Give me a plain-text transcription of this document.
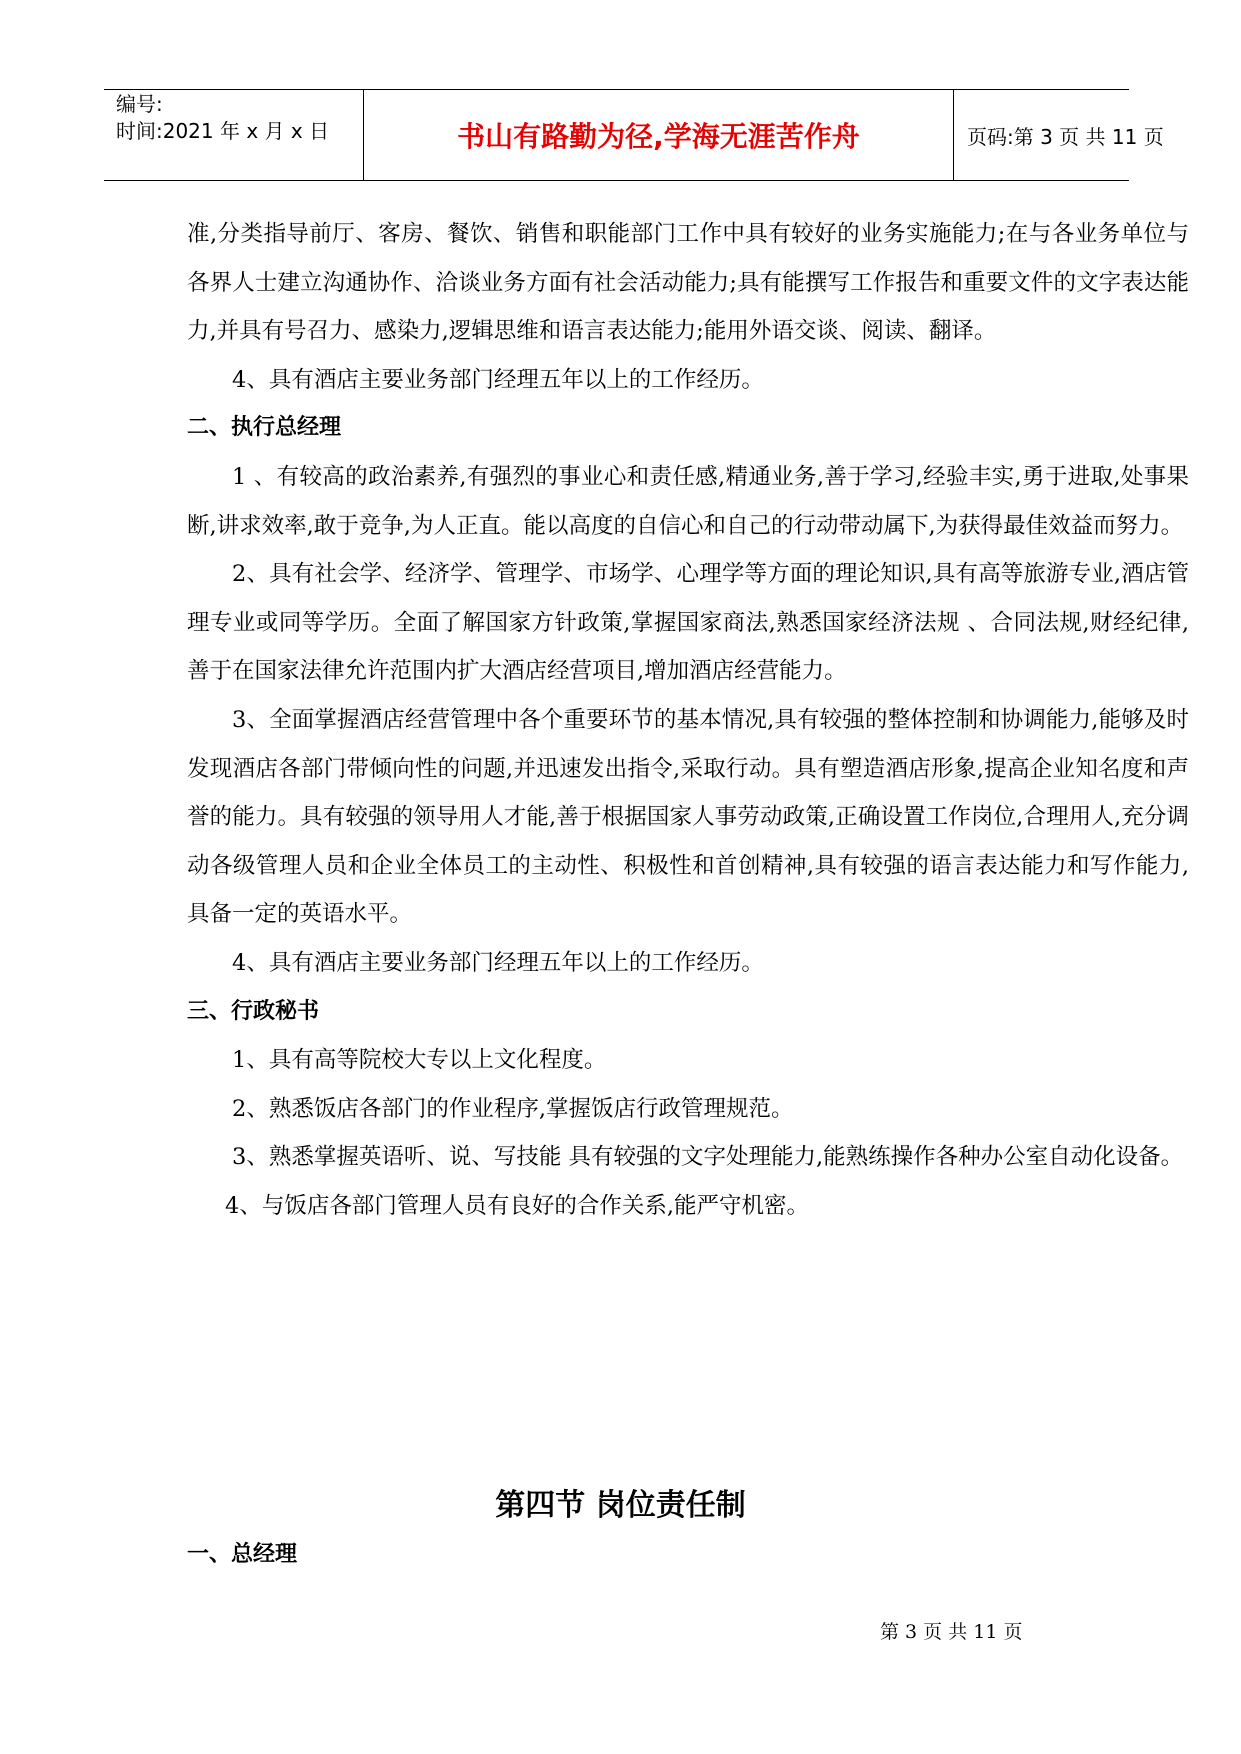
编号:
时间:2021 年 x 月 x 日	书山有路勤为径,学海无涯苦作舟	页码:第 3 页 共 11 页

准,分类指导前厅、客房、餐饮、销售和职能部门工作中具有较好的业务实施能力;在与各业务单位与各界人士建立沟通协作、洽谈业务方面有社会活动能力;具有能撰写工作报告和重要文件的文字表达能力,并具有号召力、感染力,逻辑思维和语言表达能力;能用外语交谈、阅读、翻译。

4、具有酒店主要业务部门经理五年以上的工作经历。

二、执行总经理

1 、有较高的政治素养,有强烈的事业心和责任感,精通业务,善于学习,经验丰实,勇于进取,处事果断,讲求效率,敢于竞争,为人正直。能以高度的自信心和自己的行动带动属下,为获得最佳效益而努力。

2、具有社会学、经济学、管理学、市场学、心理学等方面的理论知识,具有高等旅游专业,酒店管理专业或同等学历。全面了解国家方针政策,掌握国家商法,熟悉国家经济法规 、合同法规,财经纪律,善于在国家法律允许范围内扩大酒店经营项目,增加酒店经营能力。

3、全面掌握酒店经营管理中各个重要环节的基本情况,具有较强的整体控制和协调能力,能够及时发现酒店各部门带倾向性的问题,并迅速发出指令,采取行动。具有塑造酒店形象,提高企业知名度和声誉的能力。具有较强的领导用人才能,善于根据国家人事劳动政策,正确设置工作岗位,合理用人,充分调动各级管理人员和企业全体员工的主动性、积极性和首创精神,具有较强的语言表达能力和写作能力,具备一定的英语水平。

4、具有酒店主要业务部门经理五年以上的工作经历。

三、行政秘书

1、具有高等院校大专以上文化程度。

2、熟悉饭店各部门的作业程序,掌握饭店行政管理规范。

3、熟悉掌握英语听、说、写技能 具有较强的文字处理能力,能熟练操作各种办公室自动化设备。

4、与饭店各部门管理人员有良好的合作关系,能严守机密。

第四节 岗位责任制
一、总经理
第 3 页 共 11 页
